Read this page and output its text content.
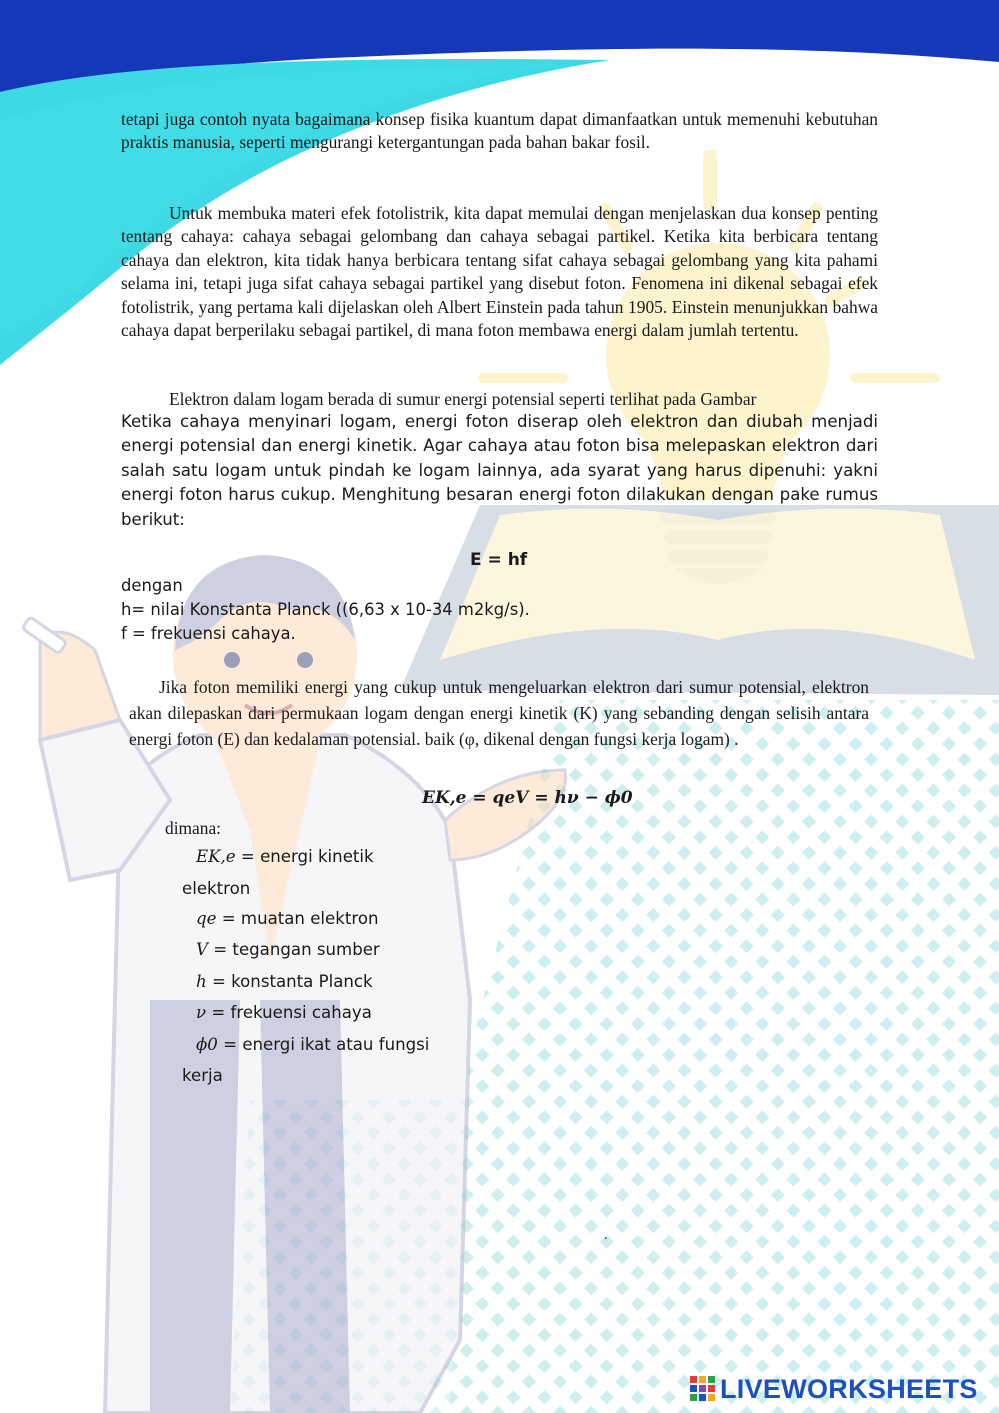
tetapi juga contoh nyata bagaimana konsep fisika kuantum dapat dimanfaatkan untuk memenuhi kebutuhan praktis manusia, seperti mengurangi ketergantungan pada bahan bakar fosil.

Untuk membuka materi efek fotolistrik, kita dapat memulai dengan menjelaskan dua konsep penting tentang cahaya: cahaya sebagai gelombang dan cahaya sebagai partikel. Ketika kita berbicara tentang cahaya dan elektron, kita tidak hanya berbicara tentang sifat cahaya sebagai gelombang yang kita pahami selama ini, tetapi juga sifat cahaya sebagai partikel yang disebut foton. Fenomena ini dikenal sebagai efek fotolistrik, yang pertama kali dijelaskan oleh Albert Einstein pada tahun 1905. Einstein menunjukkan bahwa cahaya dapat berperilaku sebagai partikel, di mana foton membawa energi dalam jumlah tertentu.

Elektron dalam logam berada di sumur energi potensial seperti terlihat pada Gambar

Ketika cahaya menyinari logam, energi foton diserap oleh elektron dan diubah menjadi energi potensial dan energi kinetik. Agar cahaya atau foton bisa melepaskan elektron dari salah satu logam untuk pindah ke logam lainnya, ada syarat yang harus dipenuhi: yakni energi foton harus cukup. Menghitung besaran energi foton dilakukan dengan pake rumus berikut:

E = hf
dengan
h= nilai Konstanta Planck ((6,63 x 10-34 m2kg/s).
f = frekuensi cahaya.

Jika foton memiliki energi yang cukup untuk mengeluarkan elektron dari sumur potensial, elektron akan dilepaskan dari permukaan logam dengan energi kinetik (K) yang sebanding dengan selisih antara energi foton (E) dan kedalaman potensial. baik (φ, dikenal dengan fungsi kerja logam) .

EK,e = qeV = hν − ϕ0
dimana:
EK,e = energi kinetik
elektron
qe = muatan elektron
V = tegangan sumber
h = konstanta Planck
ν = frekuensi cahaya
ϕ0 = energi ikat atau fungsi
kerja
.
LIVEWORKSHEETS
